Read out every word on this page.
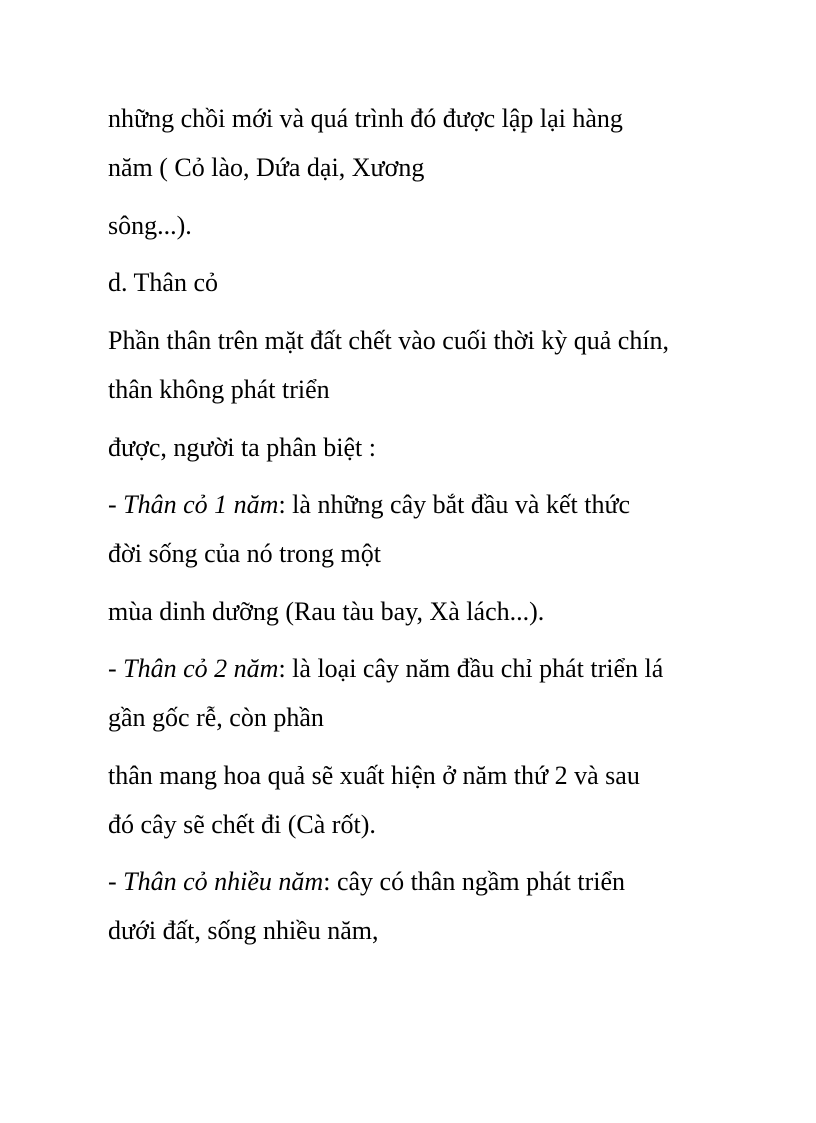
những chồi mới và quá trình đó được lập lại hàng

năm ( Cỏ lào, Dứa dại, Xương

sông...).

d. Thân cỏ

Phần thân trên mặt đất chết vào cuối thời kỳ quả chín,

thân không phát triển

được, người ta phân biệt :

- Thân cỏ 1 năm: là những cây bắt đầu và kết thức

đời sống của nó trong một

mùa dinh dưỡng (Rau tàu bay, Xà lách...).

- Thân cỏ 2 năm: là loại cây năm đầu chỉ phát triển lá

gần gốc rễ, còn phần

thân mang hoa quả sẽ xuất hiện ở năm thứ 2 và sau

đó cây sẽ chết đi (Cà rốt).

- Thân cỏ nhiều năm: cây có thân ngầm phát triển

dưới đất, sống nhiều năm,
